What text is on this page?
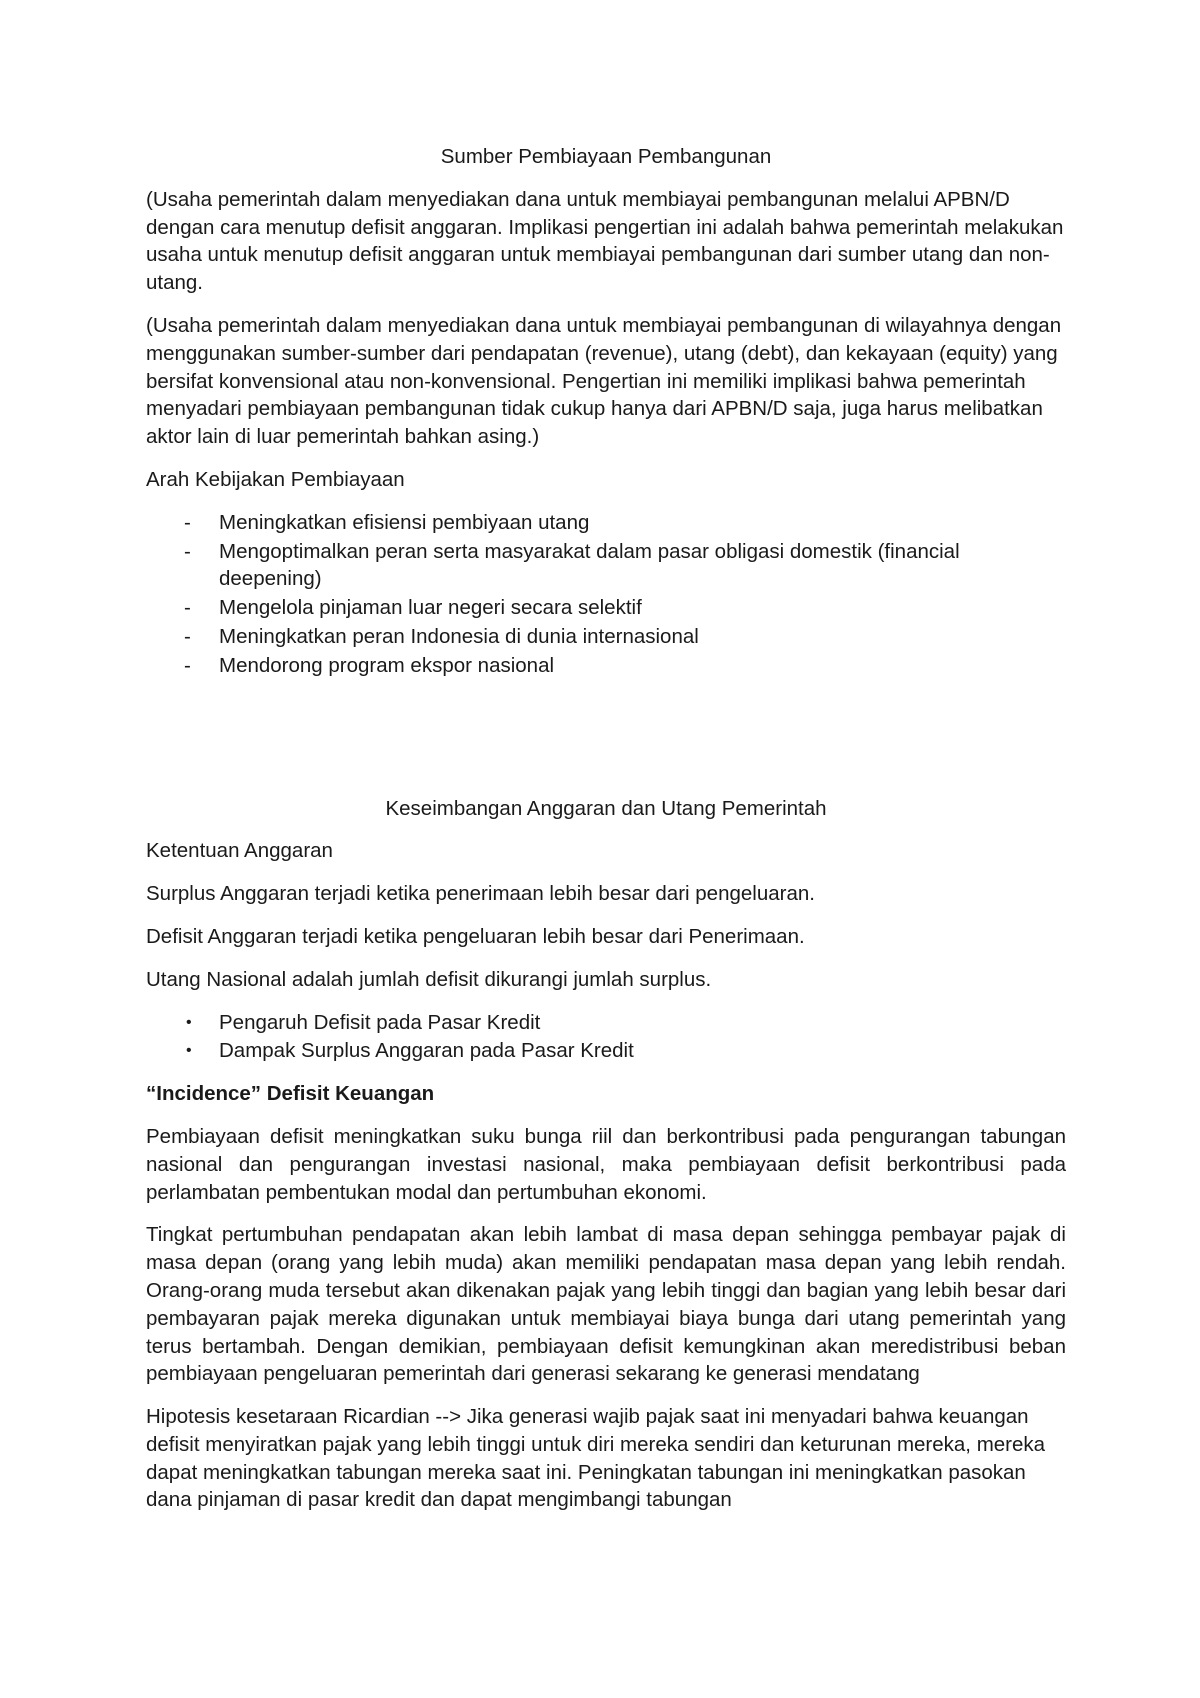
Sumber Pembiayaan Pembangunan

(Usaha pemerintah dalam menyediakan dana untuk membiayai pembangunan melalui APBN/D dengan cara menutup defisit anggaran. Implikasi pengertian ini adalah bahwa pemerintah melakukan usaha untuk menutup defisit anggaran untuk membiayai pembangunan dari sumber utang dan non-utang.

(Usaha pemerintah dalam menyediakan dana untuk membiayai pembangunan di wilayahnya dengan menggunakan sumber-sumber dari pendapatan (revenue), utang (debt), dan kekayaan (equity) yang bersifat konvensional atau non-konvensional. Pengertian ini memiliki implikasi bahwa pemerintah menyadari pembiayaan pembangunan tidak cukup hanya dari APBN/D saja, juga harus melibatkan aktor lain di luar pemerintah bahkan asing.)

Arah Kebijakan Pembiayaan

- Meningkatkan efisiensi pembiyaan utang
- Mengoptimalkan peran serta masyarakat dalam pasar obligasi domestik (financial deepening)
- Mengelola pinjaman luar negeri secara selektif
- Meningkatkan peran Indonesia di dunia internasional
- Mendorong program ekspor nasional

Keseimbangan Anggaran dan Utang Pemerintah

Ketentuan Anggaran

Surplus Anggaran terjadi ketika penerimaan lebih besar dari pengeluaran.

Defisit Anggaran terjadi ketika pengeluaran lebih besar dari Penerimaan.

Utang Nasional adalah jumlah defisit dikurangi jumlah surplus.

• Pengaruh Defisit pada Pasar Kredit
• Dampak Surplus Anggaran pada Pasar Kredit

“Incidence” Defisit Keuangan

Pembiayaan defisit meningkatkan suku bunga riil dan berkontribusi pada pengurangan tabungan nasional dan pengurangan investasi nasional, maka pembiayaan defisit berkontribusi pada perlambatan pembentukan modal dan pertumbuhan ekonomi.

Tingkat pertumbuhan pendapatan akan lebih lambat di masa depan sehingga pembayar pajak di masa depan (orang yang lebih muda) akan memiliki pendapatan masa depan yang lebih rendah. Orang-orang muda tersebut akan dikenakan pajak yang lebih tinggi dan bagian yang lebih besar dari pembayaran pajak mereka digunakan untuk membiayai biaya bunga dari utang pemerintah yang terus bertambah. Dengan demikian, pembiayaan defisit kemungkinan akan meredistribusi beban pembiayaan pengeluaran pemerintah dari generasi sekarang ke generasi mendatang

Hipotesis kesetaraan Ricardian --> Jika generasi wajib pajak saat ini menyadari bahwa keuangan defisit menyiratkan pajak yang lebih tinggi untuk diri mereka sendiri dan keturunan mereka, mereka dapat meningkatkan tabungan mereka saat ini. Peningkatan tabungan ini meningkatkan pasokan dana pinjaman di pasar kredit dan dapat mengimbangi tabungan
